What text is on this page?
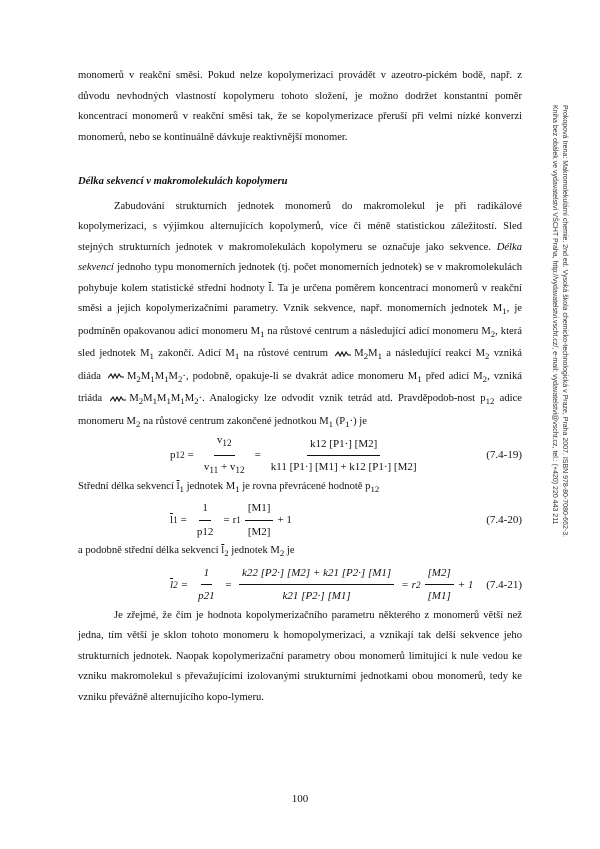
Prokopová Irena: Makromolekulární chemie. 2nd ed. Vysoká škola chemicko-technologická v Praze, Praha 2007. ISBN 978-80-7080-662-3.
Kniha bez obálek ve vydavatelství VŠCHT Praha, http://vydavatelstvi.vscht.cz/, e-mail: vydavatelstvi@vscht.cz, tel.: (+420) 220 443 211

monomerů v reakční směsi. Pokud nelze kopolymerizaci provádět v azeotro-pickém bodě, např. z důvodu nevhodných vlastností kopolymeru tohoto složení, je možno dodržet konstantní poměr koncentrací monomerů v reakční směsi tak, že se kopolymerizace přeruší při velmi nízké konverzi monomerů, nebo se kontinuálně dávkuje reaktivnější monomer.

Délka sekvencí v makromolekulách kopolymeru

Zabudování strukturních jednotek monomerů do makromolekul je při radikálové kopolymerizaci, s výjimkou alternujících kopolymerů, více či méně statistickou záležitostí. Sled stejných strukturních jednotek v makromolekulách kopolymeru se označuje jako sekvence. Délka sekvencí jednoho typu monomerních jednotek (tj. počet monomerních jednotek) se v makromolekulách pohybuje kolem statistické střední hodnoty $\overline{l}$. Ta je určena poměrem koncentrací monomerů v reakční směsi a jejich kopolymerizačními parametry. Vznik sekvence, např. monomerních jednotek $M_1$, je podmíněn opakovanou adicí monomeru $M_1$ na růstové centrum a následující adicí monomeru $M_2$, která sled jednotek $M_1$ zakončí. Adicí $M_1$ na růstové centrum $M_2M_1$ a následující reakcí $M_2$ vzniká diáda $M_2M_1M_1M_2\cdot$, podobně, opakuje-li se dvakrát adice monomeru $M_1$ před adicí $M_2$, vzniká triáda $M_2M_1M_1M_1M_2\cdot$. Analogicky lze odvodit vznik tetrád atd. Pravděpodob-nost $p_{12}$ adice monomeru $M_2$ na růstové centrum zakončené jednotkou $M_1$ $(P_1\cdot)$ je

p $12 = \frac{v_{12}}{v_{11} + v_{12}} = \frac{k12 [P1\cdot] [M2]}{k11 [P1\cdot] [M1] + k12 [P1\cdot] [M2]}$	(7.4-19)

Střední délka sekvencí $\overline{l}_1$ jednotek $M_1$ je rovna převrácené hodnotě $p_{12}$

$\overline{l}$ $1 = \frac{1}{p12} = r$ $1 \frac{[M1]}{[M2]} + 1$	(7.4-20)

a podobně střední délka sekvencí $\overline{l}_2$ jednotek $M_2$ je

$\overline{l}$ $2 = \frac{1}{p21} = \frac{k22 [P2\cdot] [M2] + k21 [P2\cdot] [M1]}{k21 [P2\cdot] [M1]} = r$ $2 \frac{[M2]}{[M1]} + 1$ (7.4-21)

Je zřejmé, že čím je hodnota kopolymerizačního parametru některého z monomerů větší než jedna, tím větší je sklon tohoto monomeru k homopolymerizaci, a vznikají tak delší sekvence jeho strukturních jednotek. Naopak kopolymerizační parametry obou monomerů limitující k nule vedou ke vzniku makromolekul s převažujícími izolovanými strukturními jednotkami obou monomerů, tedy ke vzniku převážně alternujícího kopo-lymeru.

100
